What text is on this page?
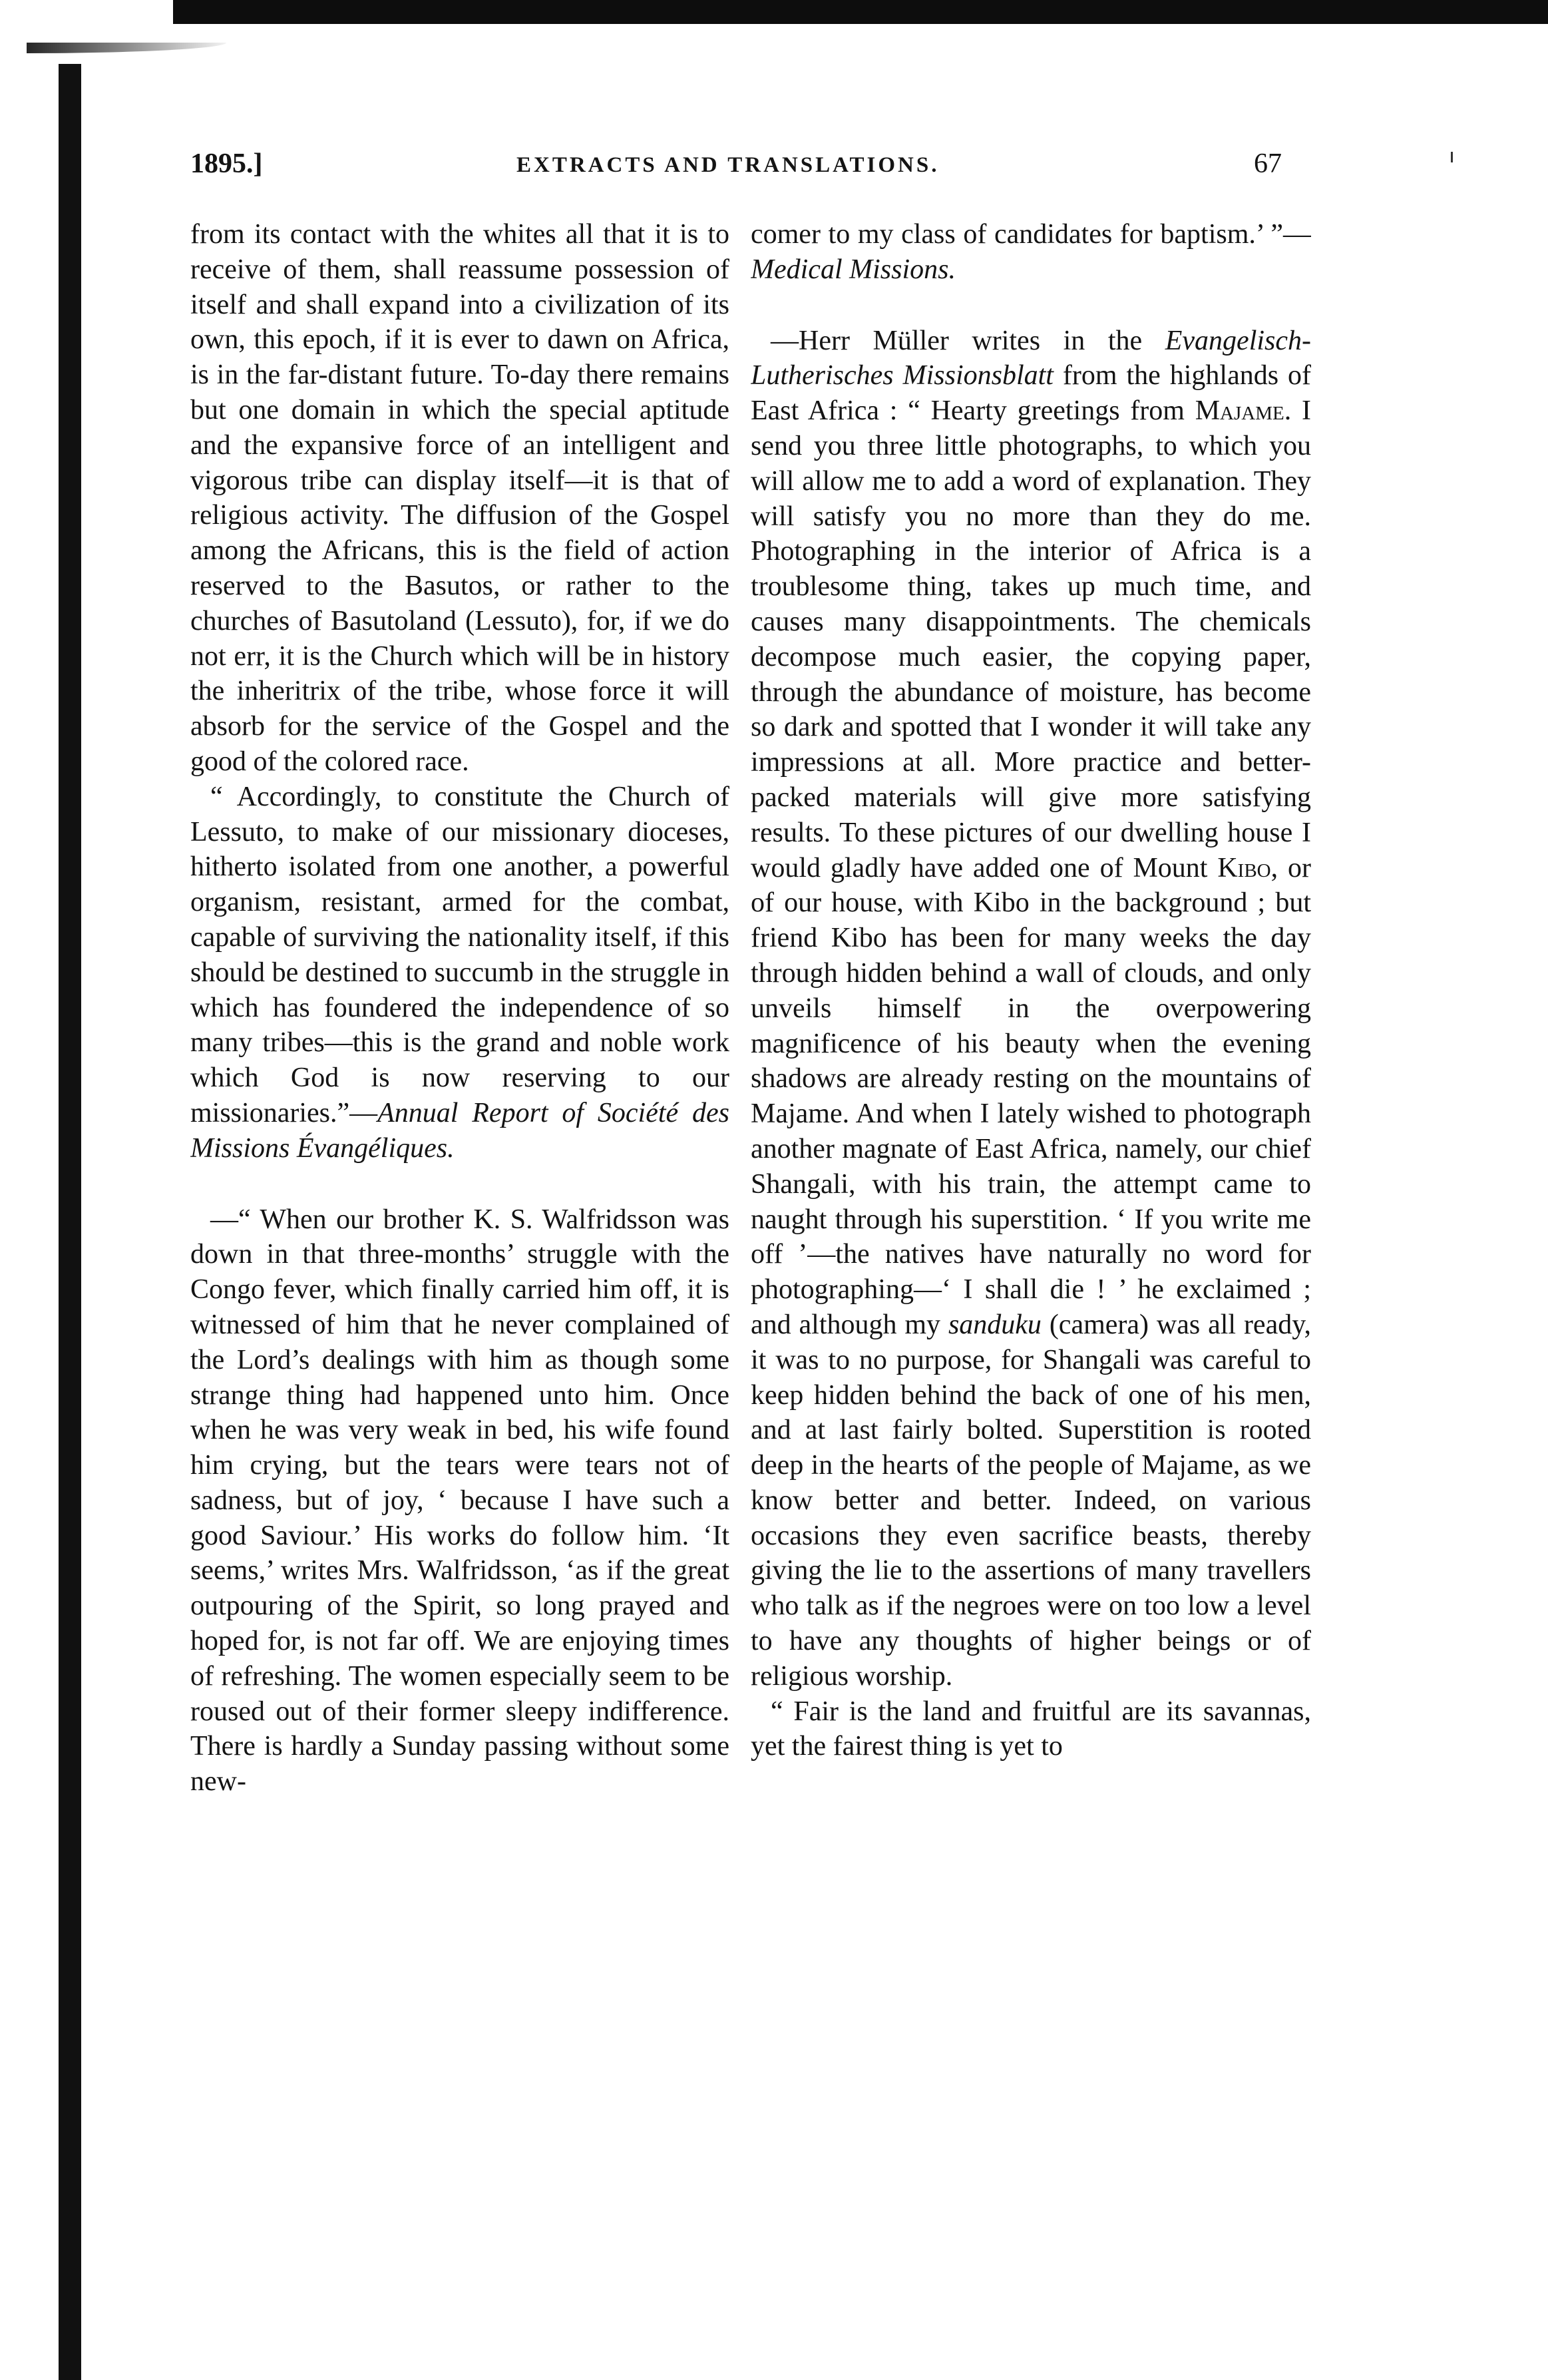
1895.]	EXTRACTS AND TRANSLATIONS.	67

from its contact with the whites all that it is to receive of them, shall reassume possession of itself and shall expand into a civilization of its own, this epoch, if it is ever to dawn on Africa, is in the far-distant future. To-day there remains but one domain in which the special aptitude and the expansive force of an intelligent and vigorous tribe can display itself—it is that of religious activity. The diffusion of the Gospel among the Africans, this is the field of action reserved to the Basutos, or rather to the churches of Basutoland (Lessuto), for, if we do not err, it is the Church which will be in history the inheritrix of the tribe, whose force it will absorb for the service of the Gospel and the good of the colored race.

“ Accordingly, to constitute the Church of Lessuto, to make of our missionary dioceses, hitherto isolated from one another, a powerful organism, resistant, armed for the combat, capable of surviving the nationality itself, if this should be destined to succumb in the struggle in which has foundered the independence of so many tribes—this is the grand and noble work which God is now reserving to our missionaries.”—Annual Report of Société des Missions Évangéliques.

—“ When our brother K. S. Walfridsson was down in that three-months’ struggle with the Congo fever, which finally carried him off, it is witnessed of him that he never complained of the Lord’s dealings with him as though some strange thing had happened unto him. Once when he was very weak in bed, his wife found him crying, but the tears were tears not of sadness, but of joy, ‘ because I have such a good Saviour.’ His works do follow him. ‘It seems,’ writes Mrs. Walfridsson, ‘as if the great outpouring of the Spirit, so long prayed and hoped for, is not far off. We are enjoying times of refreshing. The women especially seem to be roused out of their former sleepy indifference. There is hardly a Sunday passing without some new-

comer to my class of candidates for baptism.’ ”—Medical Missions.

—Herr Müller writes in the Evangelisch-Lutherisches Missionsblatt from the highlands of East Africa : “ Hearty greetings from Majame. I send you three little photographs, to which you will allow me to add a word of explanation. They will satisfy you no more than they do me. Photographing in the interior of Africa is a troublesome thing, takes up much time, and causes many disappointments. The chemicals decompose much easier, the copying paper, through the abundance of moisture, has become so dark and spotted that I wonder it will take any impressions at all. More practice and better-packed materials will give more satisfying results. To these pictures of our dwelling house I would gladly have added one of Mount Kibo, or of our house, with Kibo in the background ; but friend Kibo has been for many weeks the day through hidden behind a wall of clouds, and only unveils himself in the overpowering magnificence of his beauty when the evening shadows are already resting on the mountains of Majame. And when I lately wished to photograph another magnate of East Africa, namely, our chief Shangali, with his train, the attempt came to naught through his superstition. ‘ If you write me off ’—the natives have naturally no word for photographing—‘ I shall die ! ’ he exclaimed ; and although my sanduku (camera) was all ready, it was to no purpose, for Shangali was careful to keep hidden behind the back of one of his men, and at last fairly bolted. Superstition is rooted deep in the hearts of the people of Majame, as we know better and better. Indeed, on various occasions they even sacrifice beasts, thereby giving the lie to the assertions of many travellers who talk as if the negroes were on too low a level to have any thoughts of higher beings or of religious worship.

“ Fair is the land and fruitful are its savannas, yet the fairest thing is yet to
